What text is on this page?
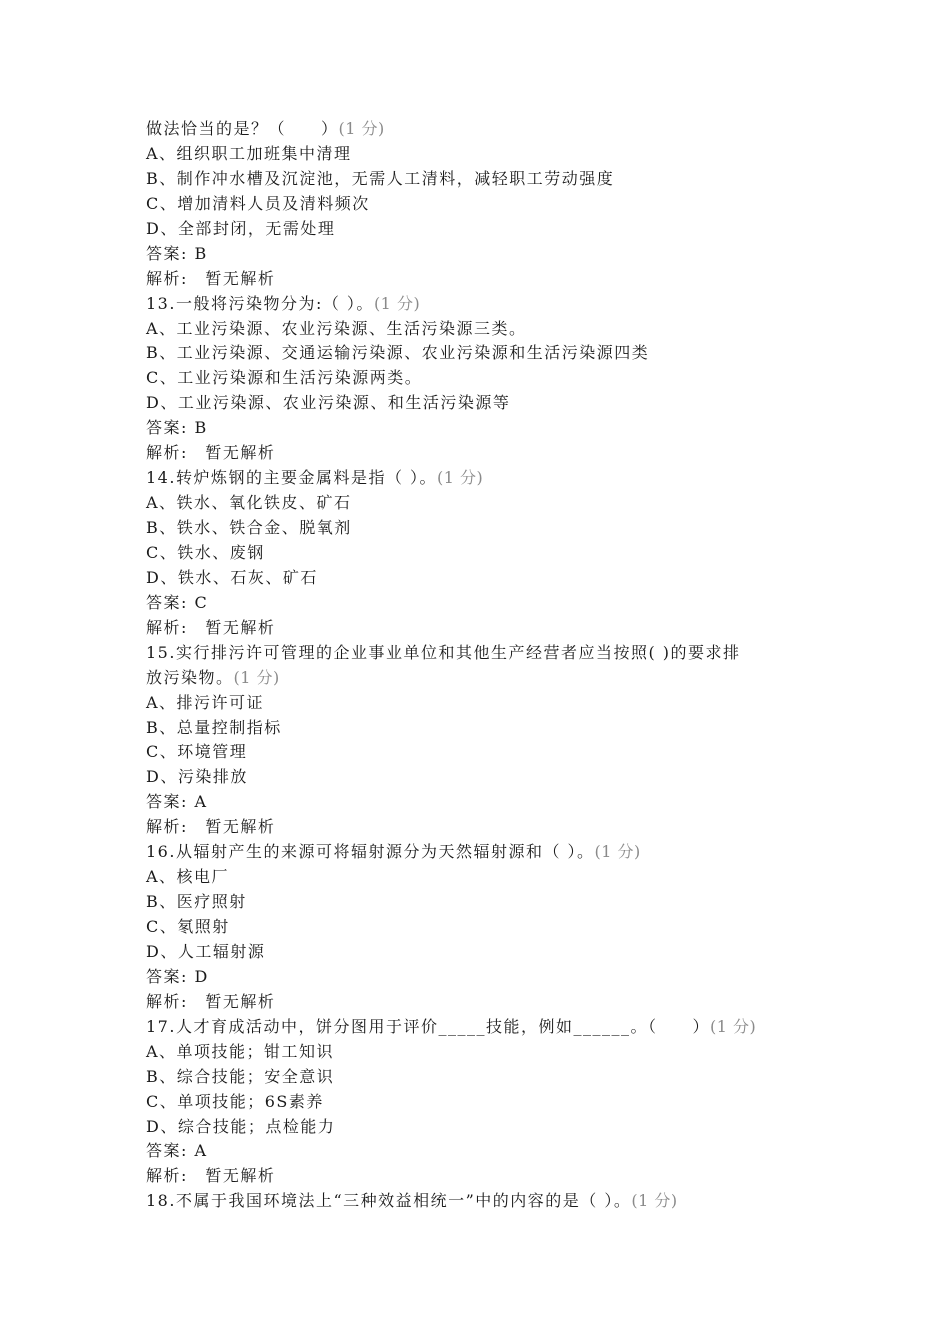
做法恰当的是？（　　）(1 分)
A、组织职工加班集中清理
B、制作冲水槽及沉淀池，无需人工清料，减轻职工劳动强度
C、增加清料人员及清料频次
D、全部封闭，无需处理
答案: B
解析:　暂无解析
13.一般将污染物分为:（ ）。(1 分)
A、工业污染源、农业污染源、生活污染源三类。
B、工业污染源、交通运输污染源、农业污染源和生活污染源四类
C、工业污染源和生活污染源两类。
D、工业污染源、农业污染源、和生活污染源等
答案: B
解析:　暂无解析
14.转炉炼钢的主要金属料是指（ ）。(1 分)
A、铁水、氧化铁皮、矿石
B、铁水、铁合金、脱氧剂
C、铁水、废钢
D、铁水、石灰、矿石
答案: C
解析:　暂无解析
15.实行排污许可管理的企业事业单位和其他生产经营者应当按照( )的要求排
放污染物。(1 分)
A、排污许可证
B、总量控制指标
C、环境管理
D、污染排放
答案: A
解析:　暂无解析
16.从辐射产生的来源可将辐射源分为天然辐射源和（ ）。(1 分)
A、核电厂
B、医疗照射
C、氡照射
D、人工辐射源
答案: D
解析:　暂无解析
17.人才育成活动中，饼分图用于评价_____技能，例如______。（　　）(1 分)
A、单项技能；钳工知识
B、综合技能；安全意识
C、单项技能；6S素养
D、综合技能；点检能力
答案: A
解析:　暂无解析
18.不属于我国环境法上“三种效益相统一”中的内容的是（ ）。(1 分)
